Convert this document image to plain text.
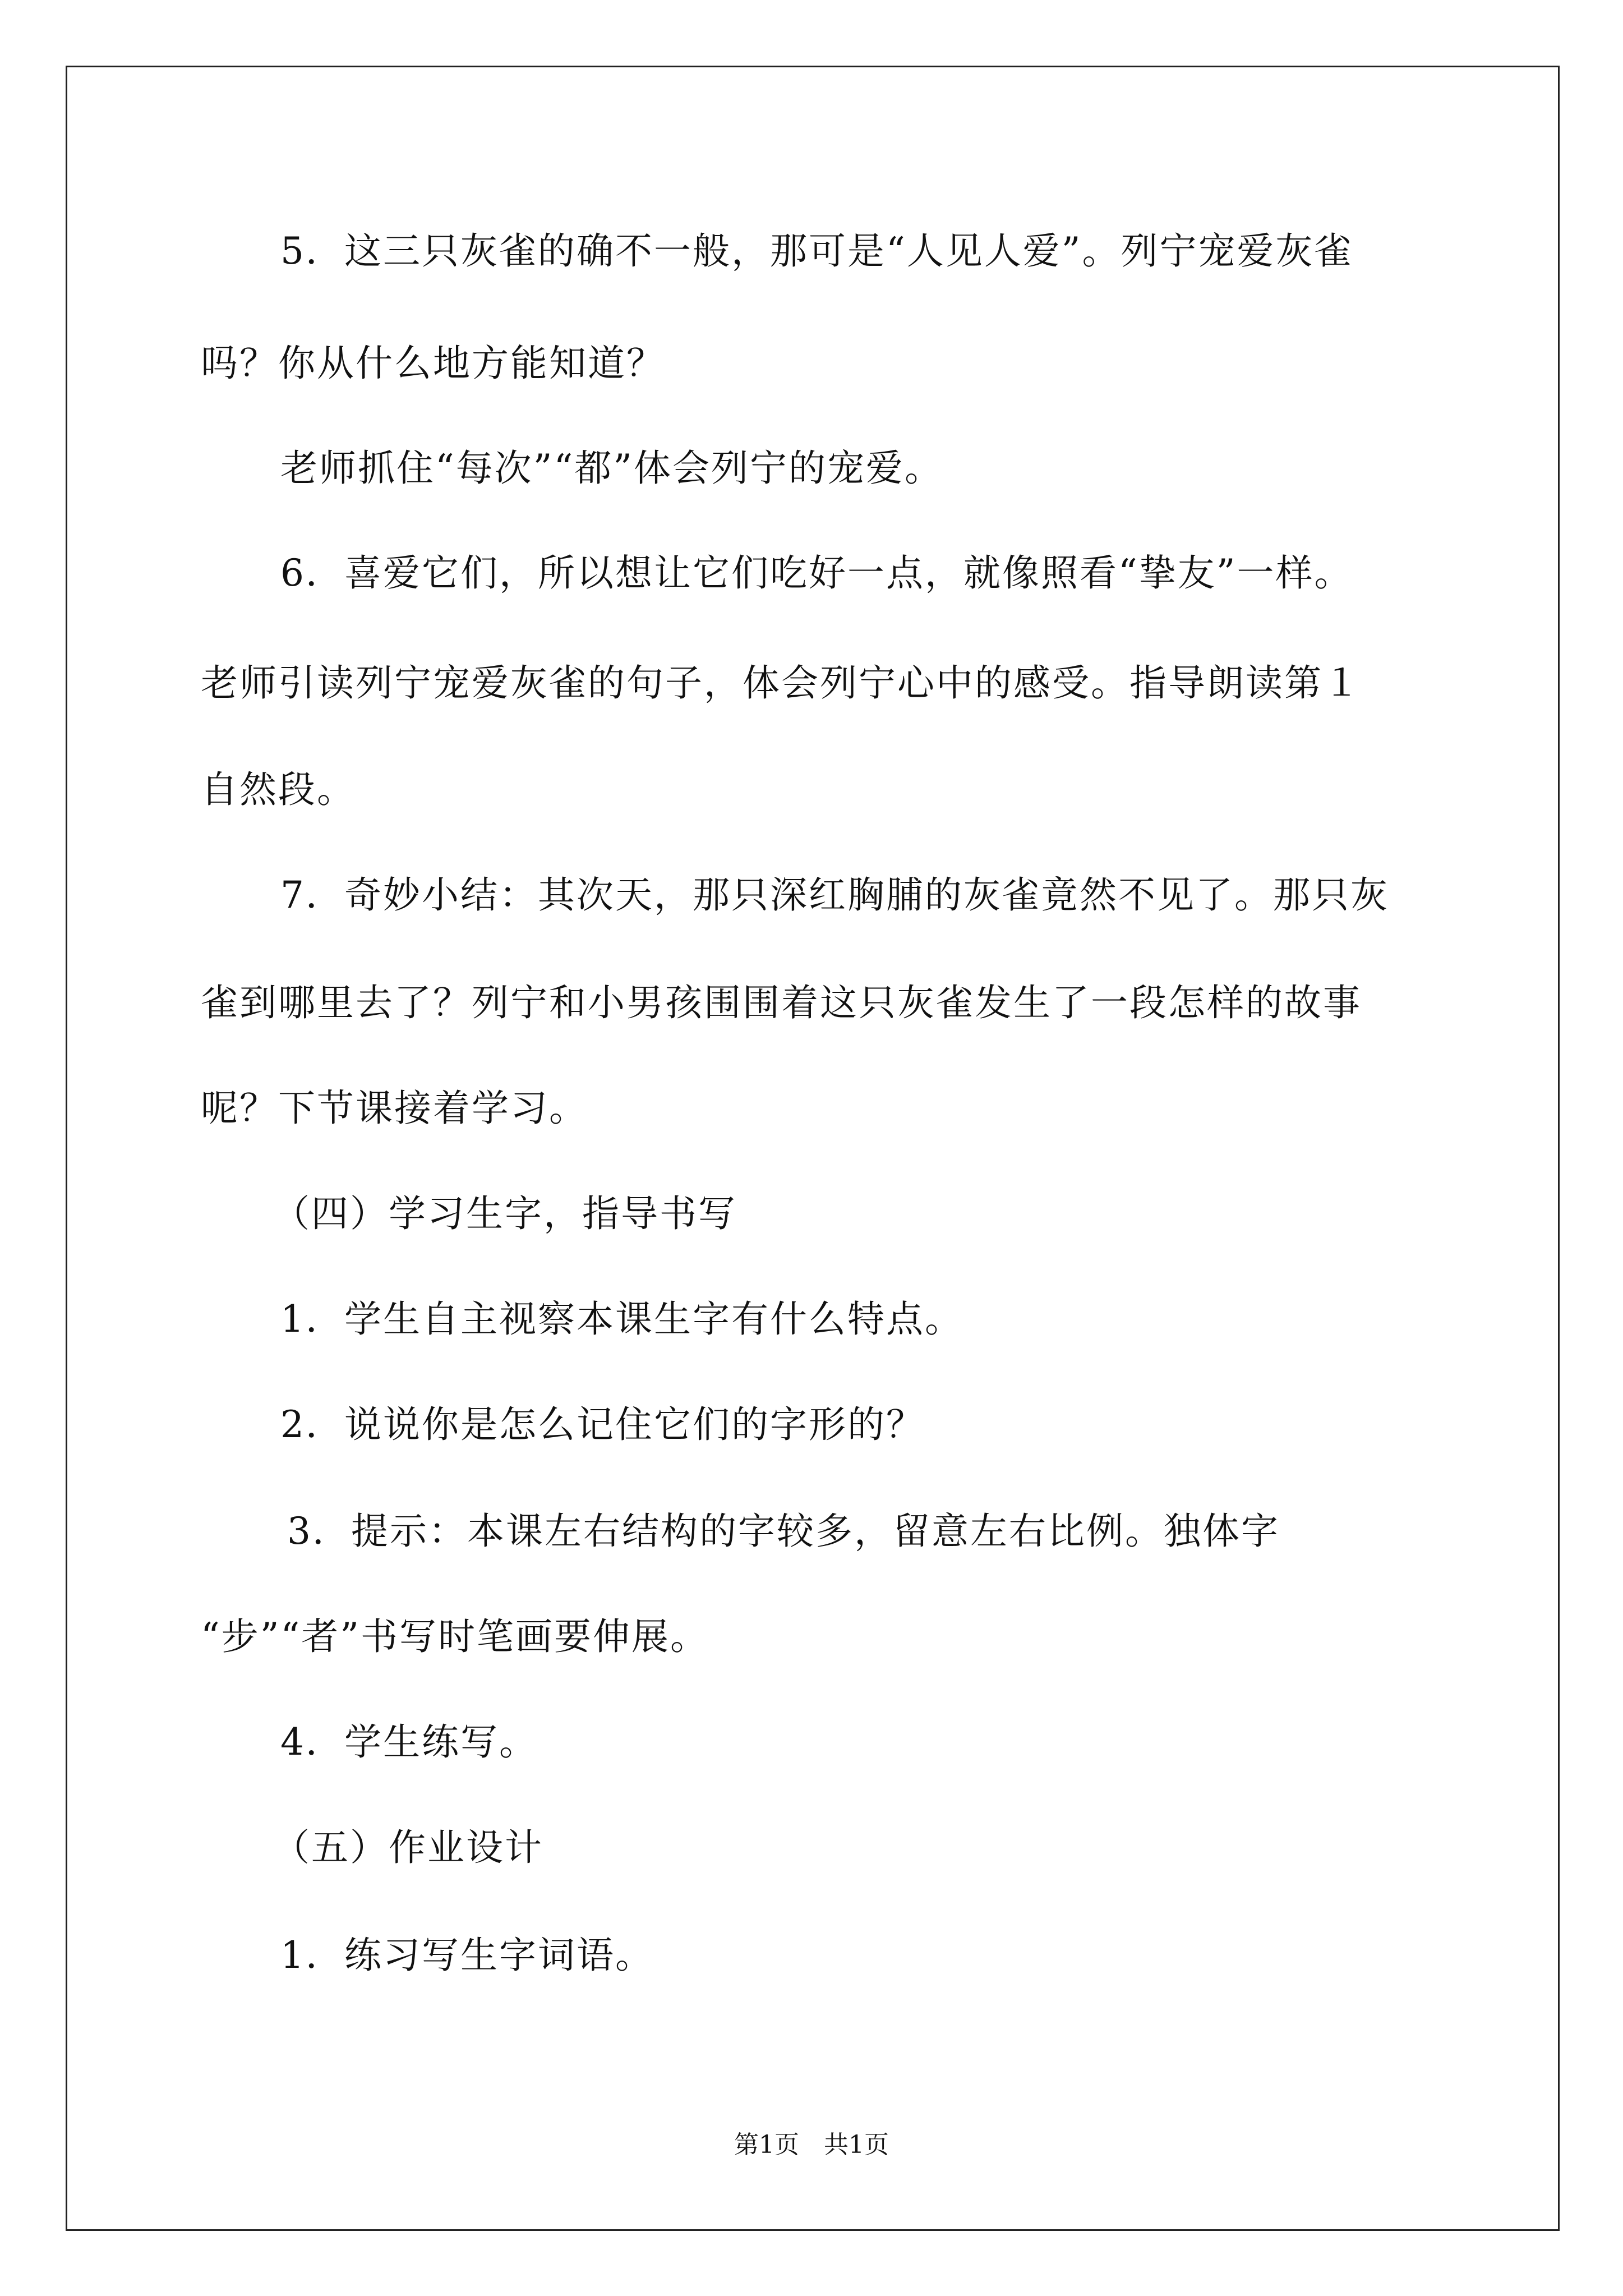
5．这三只灰雀的确不一般，那可是“人见人爱”。列宁宠爱灰雀

吗？你从什么地方能知道？

老师抓住“每次”“都”体会列宁的宠爱。

6．喜爱它们，所以想让它们吃好一点，就像照看“挚友”一样。

老师引读列宁宠爱灰雀的句子，体会列宁心中的感受。指导朗读第１

自然段。

7．奇妙小结：其次天，那只深红胸脯的灰雀竟然不见了。那只灰

雀到哪里去了？列宁和小男孩围围着这只灰雀发生了一段怎样的故事

呢？下节课接着学习。

（四）学习生字，指导书写

1．学生自主视察本课生字有什么特点。

2．说说你是怎么记住它们的字形的？

3．提示：本课左右结构的字较多，留意左右比例。独体字

“步”“者”书写时笔画要伸展。

4．学生练写。

（五）作业设计

1．练习写生字词语。

第1页　共1页
